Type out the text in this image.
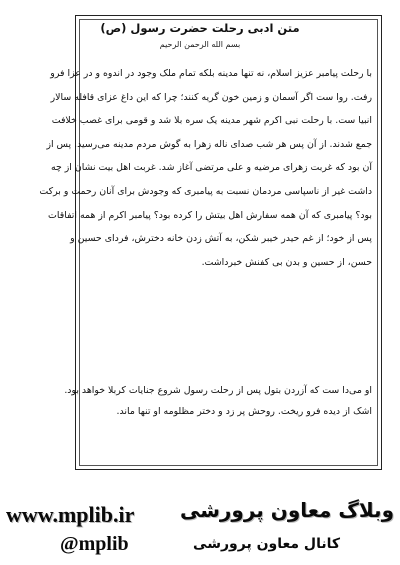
متن ادبی رحلت حضرت رسول (ص)
بسم الله الرحمن الرحیم
با رحلت پیامبر عزیز اسلام، نه تنها مدینه بلکه تمام ملک وجود در اندوه و در عزا فرو
رفت. روا ست اگر آسمان و زمین خون گریه کنند؛ چرا که این داغ عزای قافله سالار
انبیا ست. با رحلت نبی اکرم شهر مدینه یک سره بلا شد و قومی برای غصب خلافت
جمع شدند. از آن پس هر شب صدای ناله زهرا به گوش مردم مدینه می‌رسید. پس از
آن بود که غربت زهرای مرضیه و علی مرتضی آغاز شد. غربت اهل بیت نشان از چه
داشت غیر از ناسپاسی مردمان نسبت به پیامبری که وجودش برای آنان رحمت و برکت
بود؟ پیامبری که آن همه سفارش اهل بیتش را کرده بود؟ پیامبر اکرم از همه اتفاقات
پس از خود؛ از غم حیدر خیبر شکن، به آتش زدن خانه دخترش، فردای حسین و
حسن، از حسین و بدن بی کفنش خبرداشت.
او می‌دا ست که آزردن بتول پس از رحلت رسول شروع جنایات کربلا خواهد بود.
اشک از دیده فرو ریخت. روحش پر زد و دختر مظلومه او تنها ماند.
www.mplib.ir وبلاگ معاون پرورشی
@mplib	کانال معاون پرورشی
